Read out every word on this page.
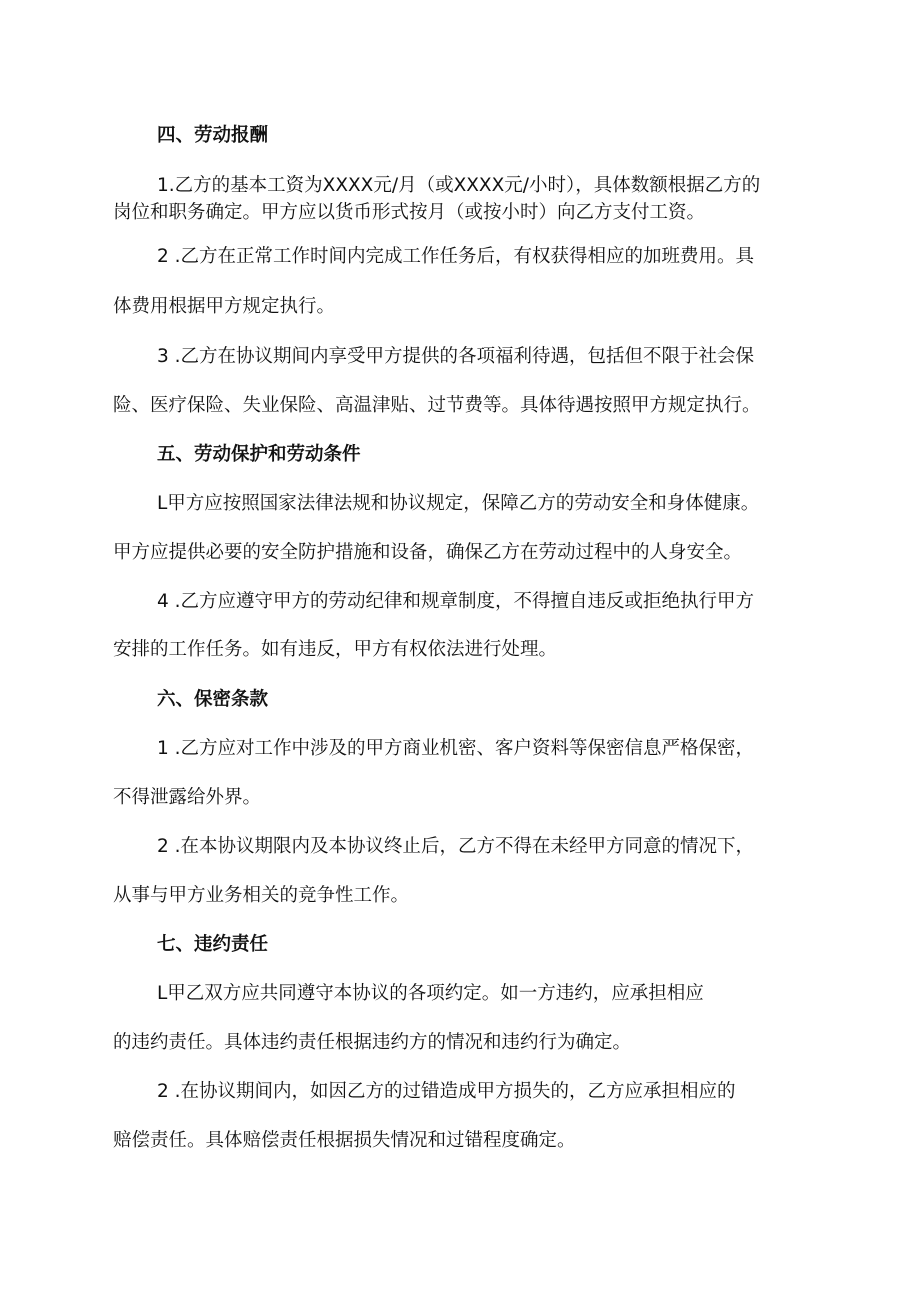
四、劳动报酬
1.乙方的基本工资为XXXX元/月（或XXXX元/小时），具体数额根据乙方的
岗位和职务确定。甲方应以货币形式按月（或按小时）向乙方支付工资。
2 .乙方在正常工作时间内完成工作任务后，有权获得相应的加班费用。具
体费用根据甲方规定执行。
3 .乙方在协议期间内享受甲方提供的各项福利待遇，包括但不限于社会保
险、医疗保险、失业保险、高温津贴、过节费等。具体待遇按照甲方规定执行。
五、劳动保护和劳动条件
L甲方应按照国家法律法规和协议规定，保障乙方的劳动安全和身体健康。
甲方应提供必要的安全防护措施和设备，确保乙方在劳动过程中的人身安全。
4 .乙方应遵守甲方的劳动纪律和规章制度，不得擅自违反或拒绝执行甲方
安排的工作任务。如有违反，甲方有权依法进行处理。
六、保密条款
1 .乙方应对工作中涉及的甲方商业机密、客户资料等保密信息严格保密，
不得泄露给外界。
2 .在本协议期限内及本协议终止后，乙方不得在未经甲方同意的情况下，
从事与甲方业务相关的竞争性工作。
七、违约责任
L甲乙双方应共同遵守本协议的各项约定。如一方违约，应承担相应
的违约责任。具体违约责任根据违约方的情况和违约行为确定。
2 .在协议期间内，如因乙方的过错造成甲方损失的，乙方应承担相应的
赔偿责任。具体赔偿责任根据损失情况和过错程度确定。
